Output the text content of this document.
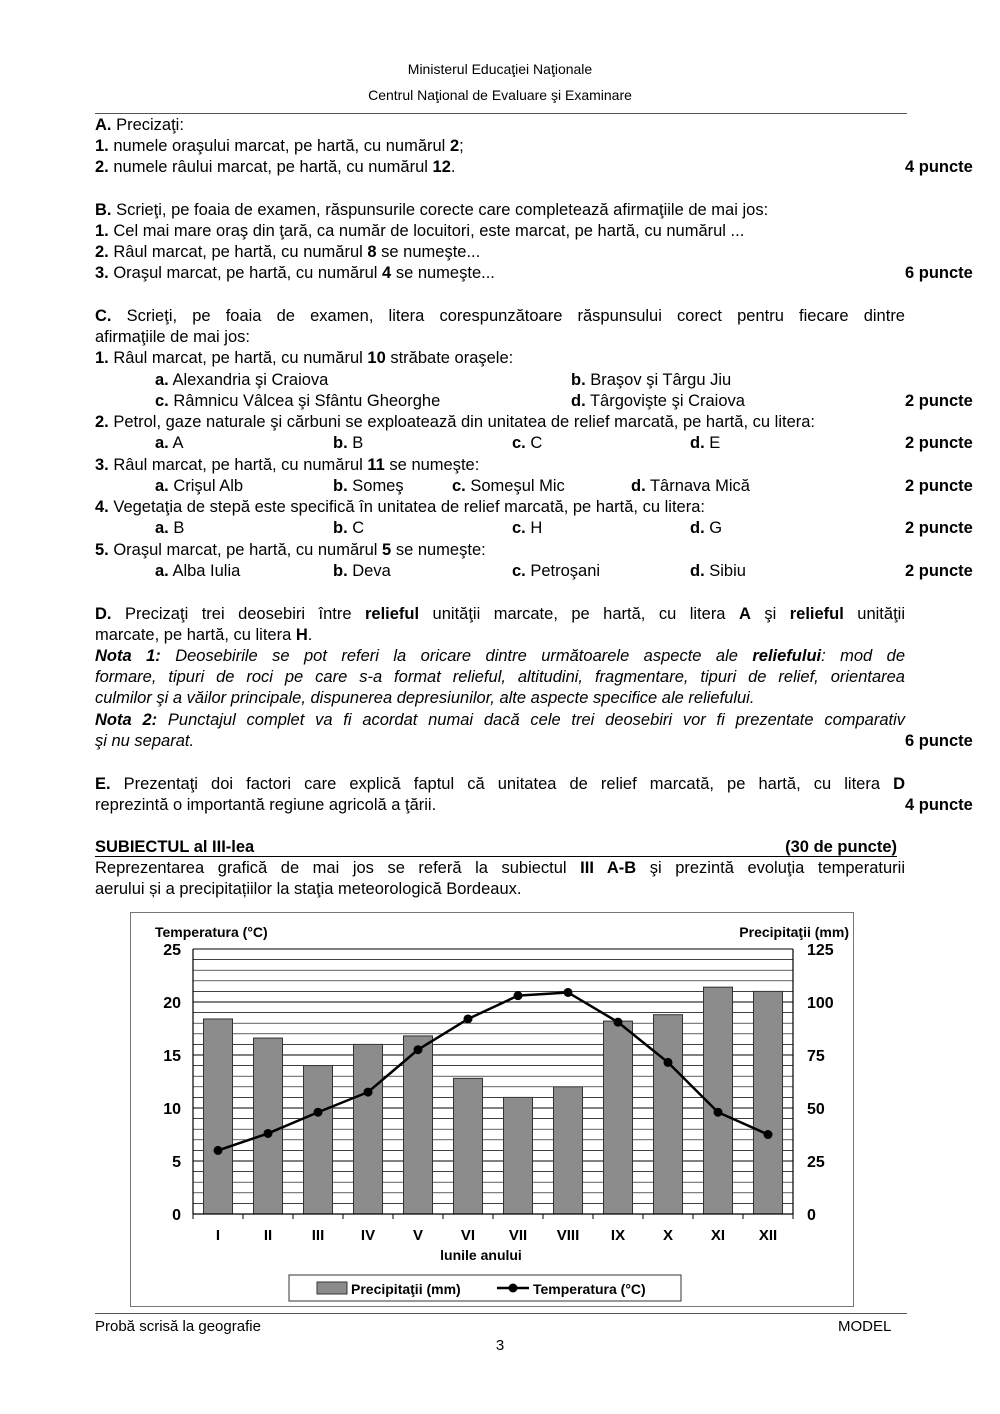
Ministerul Educaţiei Naţionale
Centrul Naţional de Evaluare şi Examinare
A. Precizaţi:
1. numele oraşului marcat, pe hartă, cu numărul 2;
2. numele râului marcat, pe hartă, cu numărul 12.	4 puncte
B. Scrieţi, pe foaia de examen, răspunsurile corecte care completează afirmaţiile de mai jos:
1. Cel mai mare oraş din ţară, ca număr de locuitori, este marcat, pe hartă, cu numărul ...
2. Râul marcat, pe hartă, cu numărul 8 se numeşte...
3. Oraşul marcat, pe hartă, cu numărul 4 se numeşte...	6 puncte
C. Scrieţi, pe foaia de examen, litera corespunzătoare răspunsului corect pentru fiecare dintre
afirmaţiile de mai jos:
1. Râul marcat, pe hartă, cu numărul 10 străbate oraşele:
a. Alexandria şi Craiova	b. Braşov şi Târgu Jiu
c. Râmnicu Vâlcea şi Sfântu Gheorghe	d. Târgovişte şi Craiova	2 puncte
2. Petrol, gaze naturale şi cărbuni se exploatează din unitatea de relief marcată, pe hartă, cu litera:
a. A	b. B	c. C	d. E	2 puncte
3. Râul marcat, pe hartă, cu numărul 11 se numeşte:
a. Crişul Alb	b. Someş	c. Someşul Mic	d. Târnava Mică	2 puncte
4. Vegetaţia de stepă este specifică în unitatea de relief marcată, pe hartă, cu litera:
a. B	b. C	c. H	d. G	2 puncte
5. Oraşul marcat, pe hartă, cu numărul 5 se numeşte:
a. Alba Iulia	b. Deva	c. Petroşani	d. Sibiu	2 puncte
D. Precizaţi trei deosebiri între relieful unităţii marcate, pe hartă, cu litera A şi relieful unităţii
marcate, pe hartă, cu litera H.
Nota 1: Deosebirile se pot referi la oricare dintre următoarele aspecte ale reliefului: mod de
formare, tipuri de roci pe care s-a format relieful, altitudini, fragmentare, tipuri de relief, orientarea
culmilor şi a văilor principale, dispunerea depresiunilor, alte aspecte specifice ale reliefului.
Nota 2: Punctajul complet va fi acordat numai dacă cele trei deosebiri vor fi prezentate comparativ
şi nu separat.	6 puncte
E. Prezentaţi doi factori care explică faptul că unitatea de relief marcată, pe hartă, cu litera D
reprezintă o importantă regiune agricolă a ţării.	4 puncte
SUBIECTUL al III-lea	(30 de puncte)
Reprezentarea grafică de mai jos se referă la subiectul III A-B şi prezintă evoluţia temperaturii
aerului și a precipitațiilor la staţia meteorologică Bordeaux.
0
5
10
15
20
25
0
25
50
75
100
125
I	II	III IV	V	VI VII VIII IX	X	XI XII
Temperatura (°C)	Precipitaţii (mm)
lunile anului
Precipitaţii (mm)	Temperatura (°C)
Probă scrisă la geografie	MODEL
3
